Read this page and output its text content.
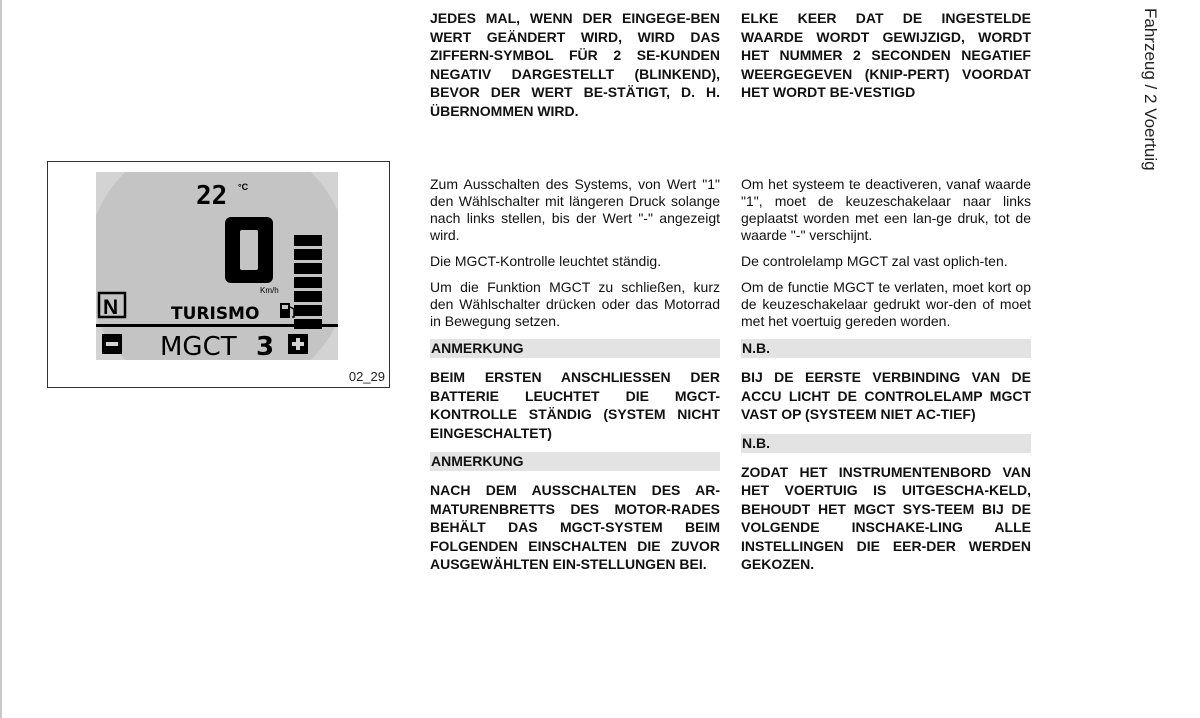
22 °C
Km/h
N	TURISMO
MGCT 3
02_29

JEDES MAL, WENN DER EINGEGE-BEN WERT GEÄNDERT WIRD, WIRD DAS ZIFFERN-SYMBOL FÜR 2 SE-KUNDEN NEGATIV DARGESTELLT (BLINKEND), BEVOR DER WERT BE-STÄTIGT, D. H. ÜBERNOMMEN WIRD.

Zum Ausschalten des Systems, von Wert "1" den Wählschalter mit längeren Druck solange nach links stellen, bis der Wert "-" angezeigt wird.

Die MGCT-Kontrolle leuchtet ständig.

Um die Funktion MGCT zu schließen, kurz den Wählschalter drücken oder das Motorrad in Bewegung setzen.

ANMERKUNG

BEIM ERSTEN ANSCHLIESSEN DER BATTERIE LEUCHTET DIE MGCT-KONTROLLE STÄNDIG (SYSTEM NICHT EINGESCHALTET)

ANMERKUNG

NACH DEM AUSSCHALTEN DES AR-MATURENBRETTS DES MOTOR-RADES BEHÄLT DAS MGCT-SYSTEM BEIM FOLGENDEN EINSCHALTEN DIE ZUVOR AUSGEWÄHLTEN EIN-STELLUNGEN BEI.

ELKE KEER DAT DE INGESTELDE WAARDE WORDT GEWIJZIGD, WORDT HET NUMMER 2 SECONDEN NEGATIEF WEERGEGEVEN (KNIP-PERT) VOORDAT HET WORDT BE-VESTIGD

Om het systeem te deactiveren, vanaf waarde "1", moet de keuzeschakelaar naar links geplaatst worden met een lan-ge druk, tot de waarde "-" verschijnt.

De controlelamp MGCT zal vast oplich-ten.

Om de functie MGCT te verlaten, moet kort op de keuzeschakelaar gedrukt wor-den of moet met het voertuig gereden worden.

N.B.

BIJ DE EERSTE VERBINDING VAN DE ACCU LICHT DE CONTROLELAMP MGCT VAST OP (SYSTEEM NIET AC-TIEF)

N.B.

ZODAT HET INSTRUMENTENBORD VAN HET VOERTUIG IS UITGESCHA-KELD, BEHOUDT HET MGCT SYS-TEEM BIJ DE VOLGENDE INSCHAKE-LING ALLE INSTELLINGEN DIE EER-DER WERDEN GEKOZEN.

Fahrzeug / 2 Voertuig
